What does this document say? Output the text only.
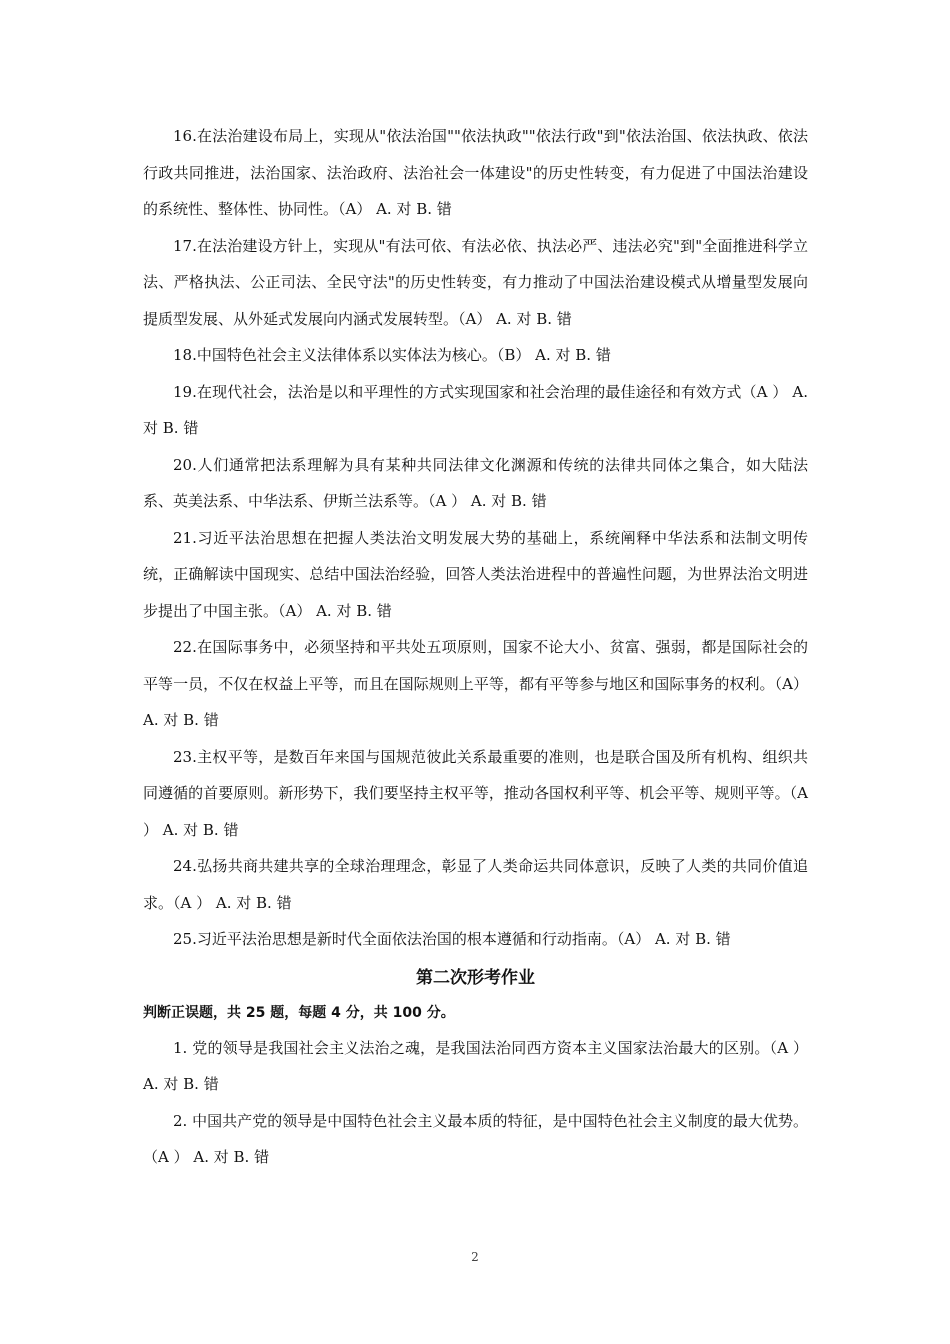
16.在法治建设布局上，实现从"依法治国""依法执政""依法行政"到"依法治国、依法执政、依法行政共同推进，法治国家、法治政府、法治社会一体建设"的历史性转变，有力促进了中国法治建设的系统性、整体性、协同性。（A） A. 对 B. 错

17.在法治建设方针上，实现从"有法可依、有法必依、执法必严、违法必究"到"全面推进科学立法、严格执法、公正司法、全民守法"的历史性转变，有力推动了中国法治建设模式从增量型发展向提质型发展、从外延式发展向内涵式发展转型。（A） A. 对 B. 错

18.中国特色社会主义法律体系以实体法为核心。（B） A. 对 B. 错

19.在现代社会，法治是以和平理性的方式实现国家和社会治理的最佳途径和有效方式（A ） A. 对 B. 错

20.人们通常把法系理解为具有某种共同法律文化渊源和传统的法律共同体之集合，如大陆法系、英美法系、中华法系、伊斯兰法系等。（A ） A. 对 B. 错

21.习近平法治思想在把握人类法治文明发展大势的基础上，系统阐释中华法系和法制文明传统，正确解读中国现实、总结中国法治经验，回答人类法治进程中的普遍性问题，为世界法治文明进步提出了中国主张。（A） A. 对 B. 错

22.在国际事务中，必须坚持和平共处五项原则，国家不论大小、贫富、强弱，都是国际社会的平等一员，不仅在权益上平等，而且在国际规则上平等，都有平等参与地区和国际事务的权利。（A） A. 对 B. 错

23.主权平等，是数百年来国与国规范彼此关系最重要的准则，也是联合国及所有机构、组织共同遵循的首要原则。新形势下，我们要坚持主权平等，推动各国权利平等、机会平等、规则平等。（A ） A. 对 B. 错

24.弘扬共商共建共享的全球治理理念，彰显了人类命运共同体意识，反映了人类的共同价值追求。（A ） A. 对 B. 错

25.习近平法治思想是新时代全面依法治国的根本遵循和行动指南。（A） A. 对 B. 错

第二次形考作业

判断正误题，共 25 题，每题 4 分，共 100 分。

1. 党的领导是我国社会主义法治之魂，是我国法治同西方资本主义国家法治最大的区别。（A ） A. 对 B. 错

2. 中国共产党的领导是中国特色社会主义最本质的特征，是中国特色社会主义制度的最大优势。（A ） A. 对 B. 错

2
